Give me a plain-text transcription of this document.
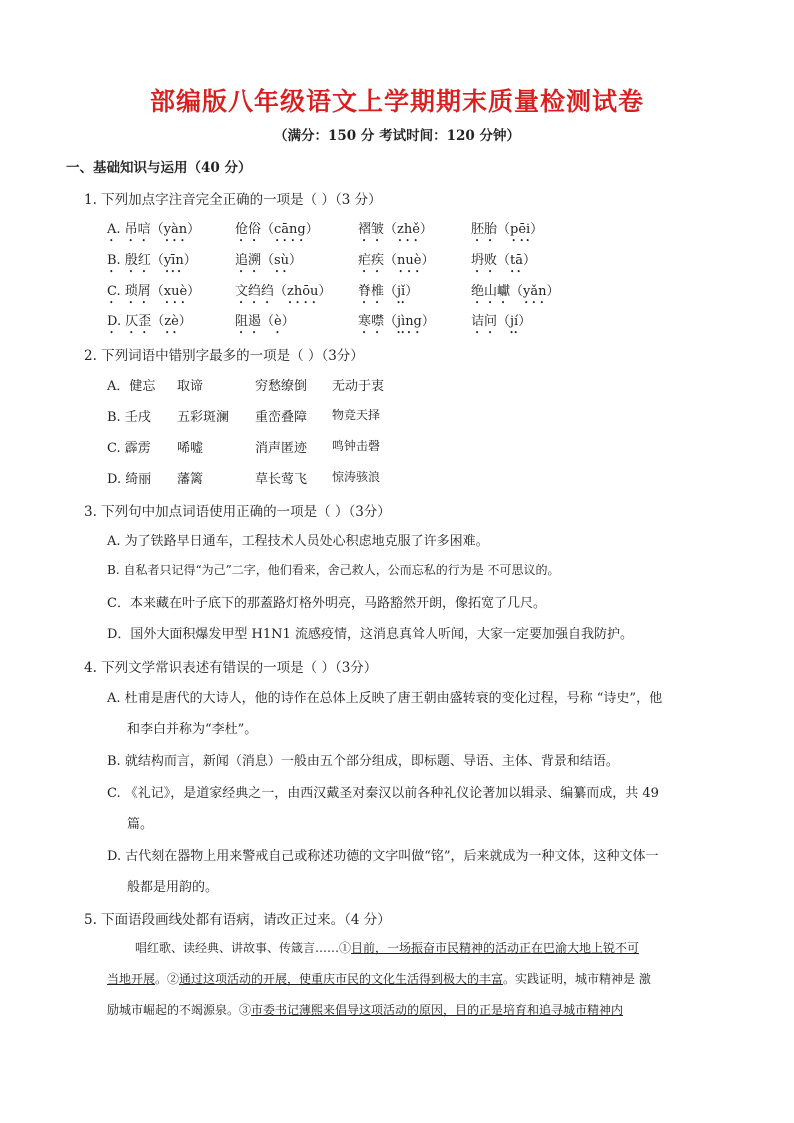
部编版八年级语文上学期期末质量检测试卷
（满分：150 分 考试时间：120 分钟）
一、基础知识与运用（40 分）
1. 下列加点字注音完全正确的一项是（ ）（3 分）
A. 吊唁（yàn）	伧俗（cāng）	褶皱（zhě）	胚胎（pēi）
B. 殷红（yīn）	追溯（sù）	疟疾（nuè）	坍败（tā）
C. 琐屑（xuè）	文绉绉（zhōu） 脊椎（jǐ）	绝山巘（yǎn）
D. 仄歪（zè）	阻遏（è）	寒噤（jìng）	诘问（jí）
2. 下列词语中错别字最多的一项是（ ）（3分）
A．健忘 取谛	穷愁缭倒 无动于衷
B. 壬戌 五彩斑澜 重峦叠障 物竞天择
C. 霹雳 唏嘘	消声匿迹 鸣钟击磬
D. 绮丽 藩篱	草长莺飞 惊涛骇浪
3. 下列句中加点词语使用正确的一项是（ ）（3分）
A. 为了铁路早日通车，工程技术人员处心积虑地克服了许多困难。
B. 自私者只记得“为己”二字，他们看来，舍己救人，公而忘私的行为是 不可思议的。
C．本来藏在叶子底下的那蓋路灯格外明亮，马路豁然开朗，像拓宽了几尺。
D．国外大面积爆发甲型 H1N1 流感疫情，这消息真耸人听闻，大家一定要加强自我防护。
4. 下列文学常识表述有错误的一项是（ ）（3分）
A. 杜甫是唐代的大诗人，他的诗作在总体上反映了唐王朝由盛转衰的变化过程，号称 “诗史”，他
和李白并称为“李杜”。
B. 就结构而言，新闻（消息）一般由五个部分组成，即标题、导语、主体、背景和结语。
C. 《礼记》，是道家经典之一，由西汉戴圣对秦汉以前各种礼仪论著加以辑录、编纂而成，共 49
篇。
D. 古代刻在器物上用来警戒自己或称述功德的文字叫做“铭”，后来就成为一种文体，这种文体一
般都是用韵的。
5. 下面语段画线处都有语病，请改正过来。（4 分）
唱红歌、读经典、讲故事、传箴言……①目前，一场振奋市民精神的活动正在巴渝大地上锐不可
当地开展。②通过这项活动的开展，使重庆市民的文化生活得到极大的丰富。实践证明，城市精神是 激
励城市崛起的不竭源泉。③市委书记薄熙来倡导这项活动的原因，目的正是培育和追寻城市精神内
